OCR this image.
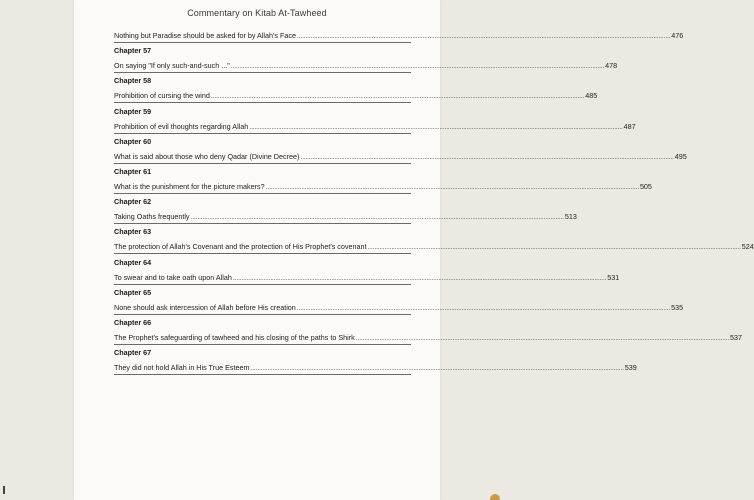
Commentary on Kitab At-Tawheed
Nothing but Paradise should be asked for by Allah's Face ............................................................................................................................................................................................................................ 476
Chapter 57
On saying "If only such-and-such ..." ............................................................................................................................................................................................................................ 478
Chapter 58
Prohibition of cursing the wind ............................................................................................................................................................................................................................ 485
Chapter 59
Prohibition of evil thoughts regarding Allah ............................................................................................................................................................................................................................ 487
Chapter 60
What is said about those who deny Qadar (Divine Decree) ............................................................................................................................................................................................................................ 495
Chapter 61
What is the punishment for the picture makers? ............................................................................................................................................................................................................................ 505
Chapter 62
Taking Oaths frequently ............................................................................................................................................................................................................................ 513
Chapter 63
The protection of Allah's Covenant and the protection of His Prophet's covenant ............................................................................................................................................................................................................................ 524
Chapter 64
To swear and to take oath upon Allah ............................................................................................................................................................................................................................ 531
Chapter 65
None should ask intercession of Allah before His creation ............................................................................................................................................................................................................................ 535
Chapter 66
The Prophet's safeguarding of tawheed and his closing of the paths to Shirk ............................................................................................................................................................................................................................ 537
Chapter 67
They did not hold Allah in His True Esteem ............................................................................................................................................................................................................................ 539
